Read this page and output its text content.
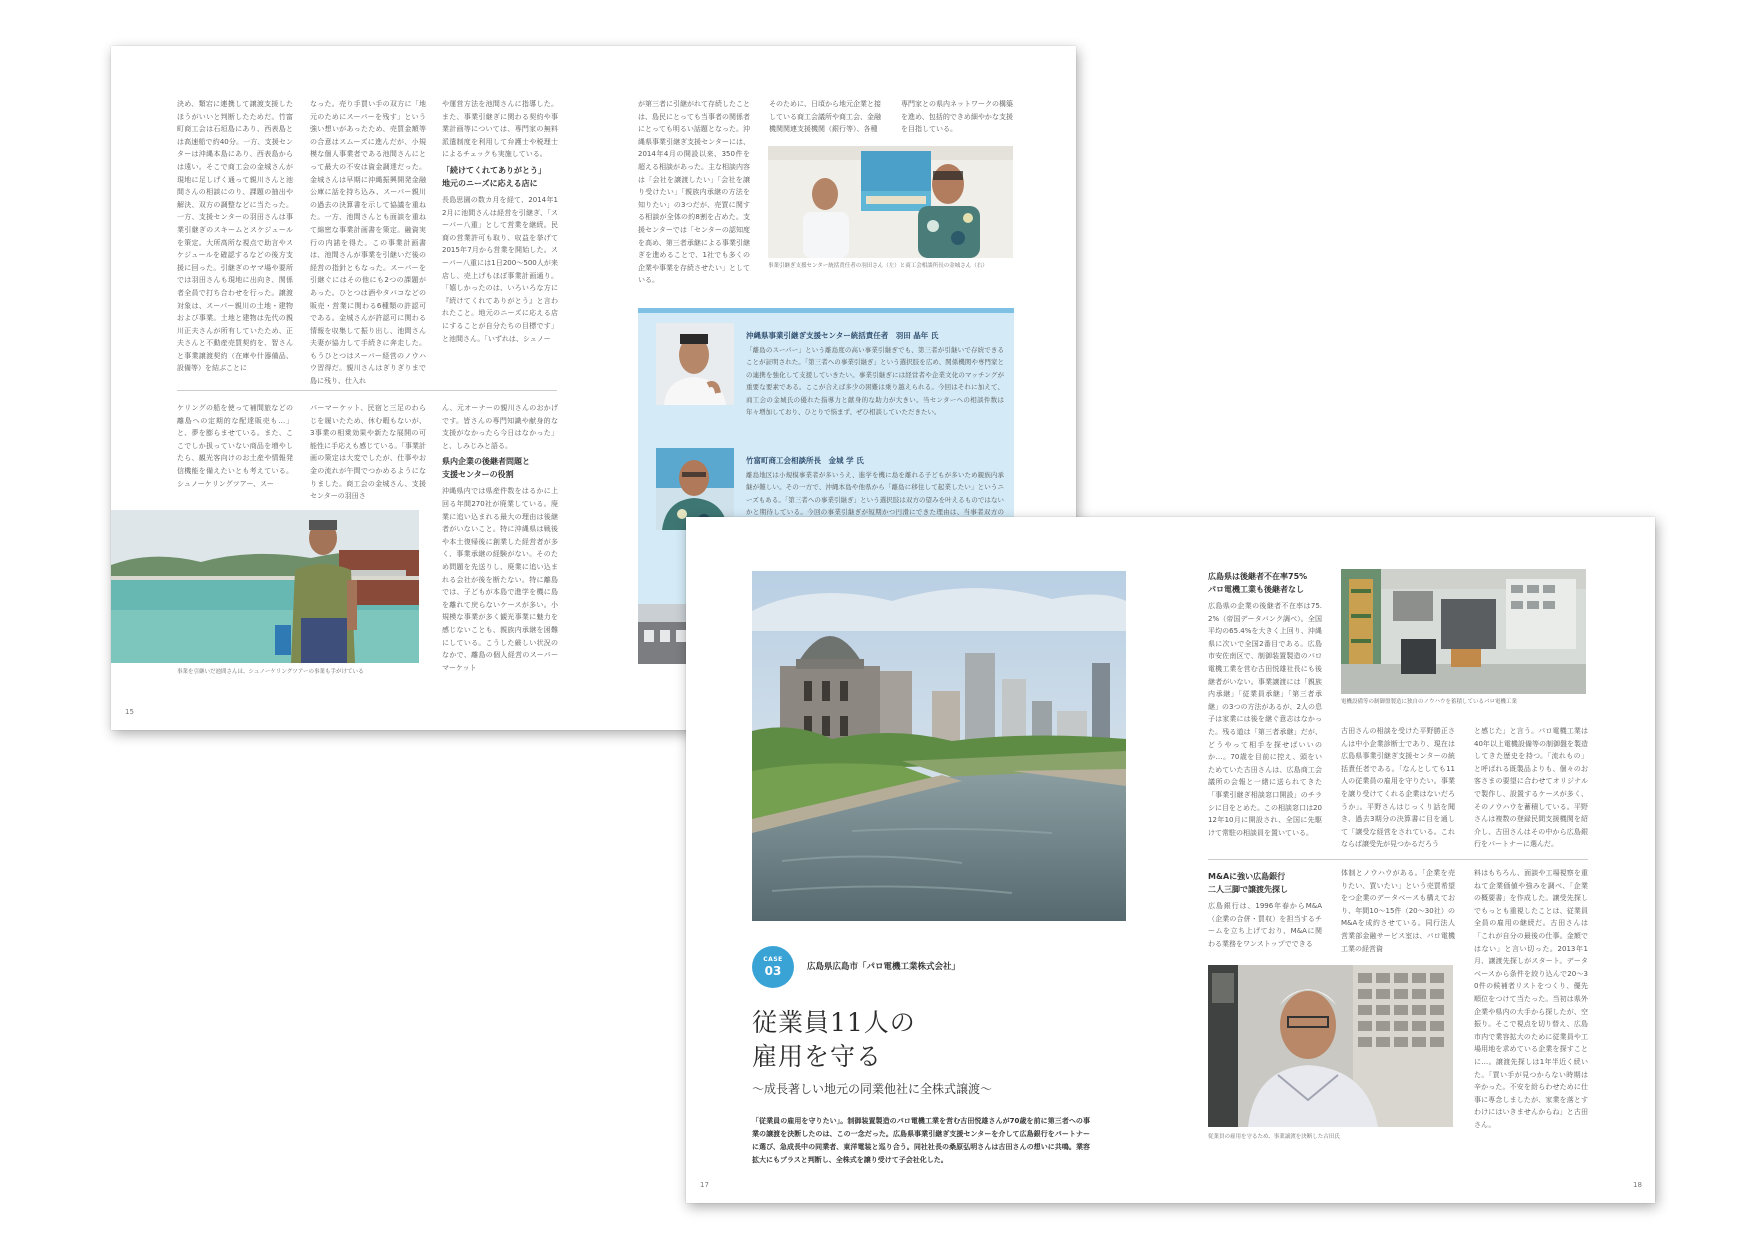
決め、類宕に連携して譲渡支援したほうがいいと判断したためだ。竹富町商工会は石垣島にあり、西表島とは高速船で約40分。一方、支援センターは沖縄本島にあり、西表島からは遠い。そこで商工会の金城さんが現地に足しげく通って親川さんと池間さんの相談にのり、課題の抽出や解決、双方の調整などに当たった。一方、支援センターの羽田さんは事業引継ぎのスキームとスケジュールを策定。大所高所な視点で助言やスケジュールを確認するなどの後方支援に回った。引継ぎのヤマ場や要所では羽田さんも現地に出向き、関係者全員で打ち合わせを行った。譲渡対象は、スーパー親川の土地・建物および事業。土地と建物は先代の親川正夫さんが所有していたため、正夫さんと不動産売買契約を、智さんと事業譲渡契約（在庫や什器備品、設備等）を結ぶことに

なった。売り手買い手の双方に「地元のためにスーパーを残す」という強い想いがあったため、売買金額等の合意はスムーズに進んだが、小規模な個人事業者である池間さんにとって最大の不安は資金調達だった。金城さんは早期に沖縄振興開発金融公庫に話を持ち込み、スーパー親川の過去の決算書を示して協議を重ねた。一方、池間さんとも面談を重ねて綿密な事業計画書を策定。融資実行の内諾を得た。この事業計画書は、池間さんが事業を引継いだ後の経営の指針ともなった。スーパーを引継ぐにはその他にも2つの課題があった。ひとつは酒やタバコなどの販売・営業に関わる6種類の許認可である。金城さんが許認可に関わる情報を収集して振り出し、池間さん夫妻が協力して手続きに奔走した。もうひとつはスーパー経営のノウハウ習得だ。親川さんはぎりぎりまで島に残り、仕入れ

や運営方法を池間さんに指導した。また、事業引継ぎに関わる契約や事業計画等については、専門家の無料派遣制度を利用して弁護士や税理士によるチェックも実施している。

「続けてくれてありがとう」
地元のニーズに応える店に

長島思園の数カ月を経て、2014年12月に池間さんは経営を引継ぎ、「スーパー八重」として営業を継続。民商の営業許可も取り、収益を挙げて2015年7月から営業を開始した。スーパー八重には1日200～500人が来店し、売上げもほぼ事業計画通り。「嬉しかったのは、いろいろな方に『続けてくれてありがとう』と言われたこと。地元のニーズに応える店にすることが自分たちの目標です」と池間さん。「いずれは、シュノー

が第三者に引継がれて存続したことは、島民にとっても当事者の関係者にとっても明るい話題となった。沖縄県事業引継ぎ支援センターには、2014年4月の開設以来、350件を超える相談があった。主な相談内容は「会社を譲渡したい」「会社を譲り受けたい」「親族内承継の方法を知りたい」の3つだが、売買に関する相談が全体の約8割を占めた。支援センターでは「センターの認知度を高め、第三者承継による事業引継ぎを進めることで、1社でも多くの企業や事業を存続させたい」としている。

そのために、日頃から地元企業と接している商工会議所や商工会、金融機関関連支援機関（銀行等）、各種

専門家との県内ネットワークの構築を進め、包括的できめ細やかな支援を目指している。

事業引継ぎ支援センター統括責任者の羽田さん（左）と商工会相談所長の金城さん（右）
沖縄県事業引継ぎ支援センター統括責任者　羽田 晶年 氏
「離島のスーパー」という離島度の高い事業引継ぎでも、第三者が引継いで存続できることが証明された。「第三者への事業引継ぎ」という選択肢を広め、関係機関や専門家との連携を強化して支援していきたい。事業引継ぎには経営者や企業文化のマッチングが重要な要素である。ここが合えば多少の困難は乗り越えられる。今回はそれに加えて、商工会の金城氏の優れた指導力と献身的な助力が大きい。当センターへの相談件数は年々増加しており、ひとりで悩まず、ぜひ相談していただきたい。
竹富町商工会相談所長　金城 学 氏
離島地区は小規模事業者が多いうえ、進学を機に島を離れる子どもが多いため親族内承継が難しい。その一方で、沖縄本島や他県から「離島に移住して起業したい」というニーズもある。「第三者への事業引継ぎ」という選択肢は双方の望みを叶えるものではないかと期待している。今回の事業引継ぎが短期かつ円滑にできた理由は、当事者双方の

ケリングの船を使って補間旅などの離島への定期的な配達販売も…」と、夢を膨らませている。また、ここでしか扱っていない商品を増やしたら、観光客向けのお土産や情報発信機能を備えたいとも考えている。シュノーケリングツアー、スー

パーマーケット、民宿と三足のわらじを履いたため、休む暇もないが、3事業の相乗効果や新たな展開の可能性に手応えも感じている。「事業計画の策定は大変でしたが、仕事やお金の流れが午間でつかめるようになりました。商工会の金城さん、支援センターの羽田さ

ん、元オーナーの親川さんのおかげです。皆さんの専門知識や献身的な支援がなかったら今日はなかった」と、しみじみと語る。

県内企業の後継者問題と
支援センターの役割

沖縄県内では県産件数をはるかに上回る年間270社が廃業している。廃業に追い込まれる最大の理由は後継者がいないこと。特に沖縄県は戦後や本土復帰後に創業した経営者が多く、事業承継の経験がない。そのため問題を先送りし、廃業に追い込まれる会社が後を断たない。特に離島では、子どもが本島で進学を機に島を離れて戻らないケースが多い。小規模な事業が多く観光事業に魅力を感じないことも、親族内承継を困難にしている。こうした厳しい状況のなかで、離島の個人経営のスーパーマーケット

事業を引継いだ池間さんは、シュノーケリングツアーの事業も手がけている
15
CASE
03	広島県広島市「パロ電機工業株式会社」
従業員11人の
雇用を守る
～成長著しい地元の同業他社に全株式譲渡～
「従業員の雇用を守りたい」。制御装置製造のパロ電機工業を営む古田悦雄さんが70歳を前に第三者への事業の譲渡を決断したのは、この一念だった。広島県事業引継ぎ支援センターを介して広島銀行をパートナーに選び、急成長中の同業者、東洋電装と巡り合う。同社社長の桑原弘明さんは古田さんの想いに共鳴。業容拡大にもプラスと判断し、全株式を譲り受けて子会社化した。
広島県は後継者不在率75%
パロ電機工業も後継者なし

広島県の企業の後継者不在率は75.2%（帝国データバンク調べ）。全国平均の65.4%を大きく上回り、沖縄県に次いで全国2番目である。広島市安佐南区で、制御装置製造のパロ電機工業を営む古田悦雄社長にも後継者がいない。事業譲渡には「親族内承継」「従業員承継」「第三者承継」の3つの方法があるが、2人の息子は家業には後を継ぐ意志はなかった。残る道は「第三者承継」だが、どうやって相手を探せばいいのか…。70歳を目前に控え、頭をいためていた古田さんは、広島商工会議所の会報と一緒に送られてきた「事業引継ぎ相談窓口開設」のチラシに目をとめた。この相談窓口は2012年10月に開設され、全国に先駆けて常駐の相談員を置いている。

電機設備等の制御盤製造に独自のノウハウを蓄積しているパロ電機工業

古田さんの相談を受けた平野勝正さんは中小企業診断士であり、現在は広島県事業引継ぎ支援センターの統括責任者である。「なんとしても11人の従業員の雇用を守りたい。事業を譲り受けてくれる企業はないだろうか」。平野さんはじっくり話を聞き、過去3期分の決算書に目を通して「譲受な経営をされている。これならば譲受先が見つかるだろう

と感じた」と言う。パロ電機工業は40年以上電機設備等の制御盤を製造してきた歴史を持つ。「流れもの」と呼ばれる既製品よりも、個々のお客さまの要望に合わせてオリジナルで製作し、設置するケースが多く、そのノウハウを蓄積している。平野さんは複数の登録民間支援機関を紹介し、古田さんはその中から広島銀行をパートナーに選んだ。

M&Aに強い広島銀行
二人三脚で譲渡先探し

広島銀行は、1996年春からM&A（企業の合併・買収）を担当するチームを立ち上げており、M&Aに関わる業務をワンストップでできる

体制とノウハウがある。「企業を売りたい、買いたい」という売買希望をつ企業のデータベースも構えており、年間10～15件（20～30社）のM&Aを成約させている。同行法人営業部金融サービス室は、パロ電機工業の経営資

料はもちろん、面談や工場視察を重ねて企業価値や強みを調べ、「企業の概要書」を作成した。譲受先探しでもっとも重視したことは、従業員全員の雇用の継続だ。古田さんは「これが自分の最後の仕事。金額ではない」と言い切った。2013年1月、譲渡先探しがスタート。データベースから条件を絞り込んで20～30件の候補者リストをつくり、優先順位をつけて当たった。当初は県外企業や県内の大手から探したが、空振り。そこで視点を切り替え、広島市内で業容拡大のために従業員や工場用地を求めている企業を探すことに…。譲渡先探しは1年半近く続いた。「買い手が見つからない時期は辛かった。不安を紛らわせために仕事に専念しましたが、家業を落とすわけにはいきませんからね」と古田さん。

従業員の雇用を守るため、事業譲渡を決断した古田氏
17	18
